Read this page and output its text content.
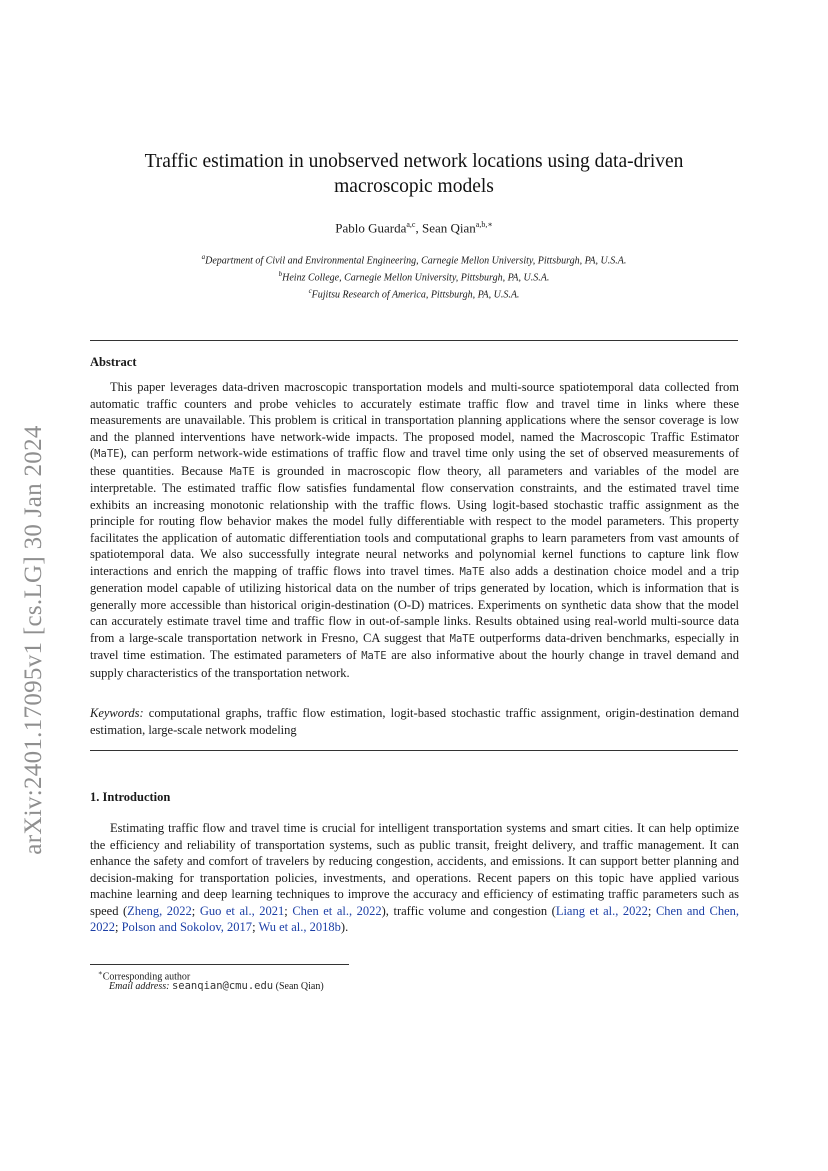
arXiv:2401.17095v1 [cs.LG] 30 Jan 2024
Traffic estimation in unobserved network locations using data-driven
macroscopic models
Pablo Guarda$^{a,c}$, Sean Qian$^{a,b,∗}$
$^a$Department of Civil and Environmental Engineering, Carnegie Mellon University, Pittsburgh, PA, U.S.A.
$^b$Heinz College, Carnegie Mellon University, Pittsburgh, PA, U.S.A.
$^c$Fujitsu Research of America, Pittsburgh, PA, U.S.A.
Abstract

This paper leverages data-driven macroscopic transportation models and multi-source spatiotemporal data collected from automatic traffic counters and probe vehicles to accurately estimate traffic flow and travel time in links where these measurements are unavailable. This problem is critical in transportation planning applications where the sensor coverage is low and the planned interventions have network-wide impacts. The proposed model, named the Macroscopic Traffic Estimator (MaTE), can perform network-wide estimations of traffic flow and travel time only using the set of observed measurements of these quantities. Because MaTE is grounded in macroscopic flow theory, all parameters and variables of the model are interpretable. The estimated traffic flow satisfies fundamental flow conservation constraints, and the estimated travel time exhibits an increasing monotonic relationship with the traffic flows. Using logit-based stochastic traffic assignment as the principle for routing flow behavior makes the model fully differentiable with respect to the model parameters. This property facilitates the application of automatic differentiation tools and computational graphs to learn parameters from vast amounts of spatiotemporal data. We also successfully integrate neural networks and polynomial kernel functions to capture link flow interactions and enrich the mapping of traffic flows into travel times. MaTE also adds a destination choice model and a trip generation model capable of utilizing historical data on the number of trips generated by location, which is information that is generally more accessible than historical origin-destination (O-D) matrices. Experiments on synthetic data show that the model can accurately estimate travel time and traffic flow in out-of-sample links. Results obtained using real-world multi-source data from a large-scale transportation network in Fresno, CA suggest that MaTE outperforms data-driven benchmarks, especially in travel time estimation. The estimated parameters of MaTE are also informative about the hourly change in travel demand and supply characteristics of the transportation network.

Keywords: computational graphs, traffic flow estimation, logit-based stochastic traffic assignment, origin-destination demand estimation, large-scale network modeling

1. Introduction

Estimating traffic flow and travel time is crucial for intelligent transportation systems and smart cities. It can help optimize the efficiency and reliability of transportation systems, such as public transit, freight delivery, and traffic management. It can enhance the safety and comfort of travelers by reducing congestion, accidents, and emissions. It can support better planning and decision-making for transportation policies, investments, and operations. Recent papers on this topic have applied various machine learning and deep learning techniques to improve the accuracy and efficiency of estimating traffic parameters such as speed (Zheng, 2022; Guo et al., 2021; Chen et al., 2022), traffic volume and congestion (Liang et al., 2022; Chen and Chen, 2022; Polson and Sokolov, 2017; Wu et al., 2018b).

∗Corresponding author
Email address: seanqian@cmu.edu (Sean Qian)
